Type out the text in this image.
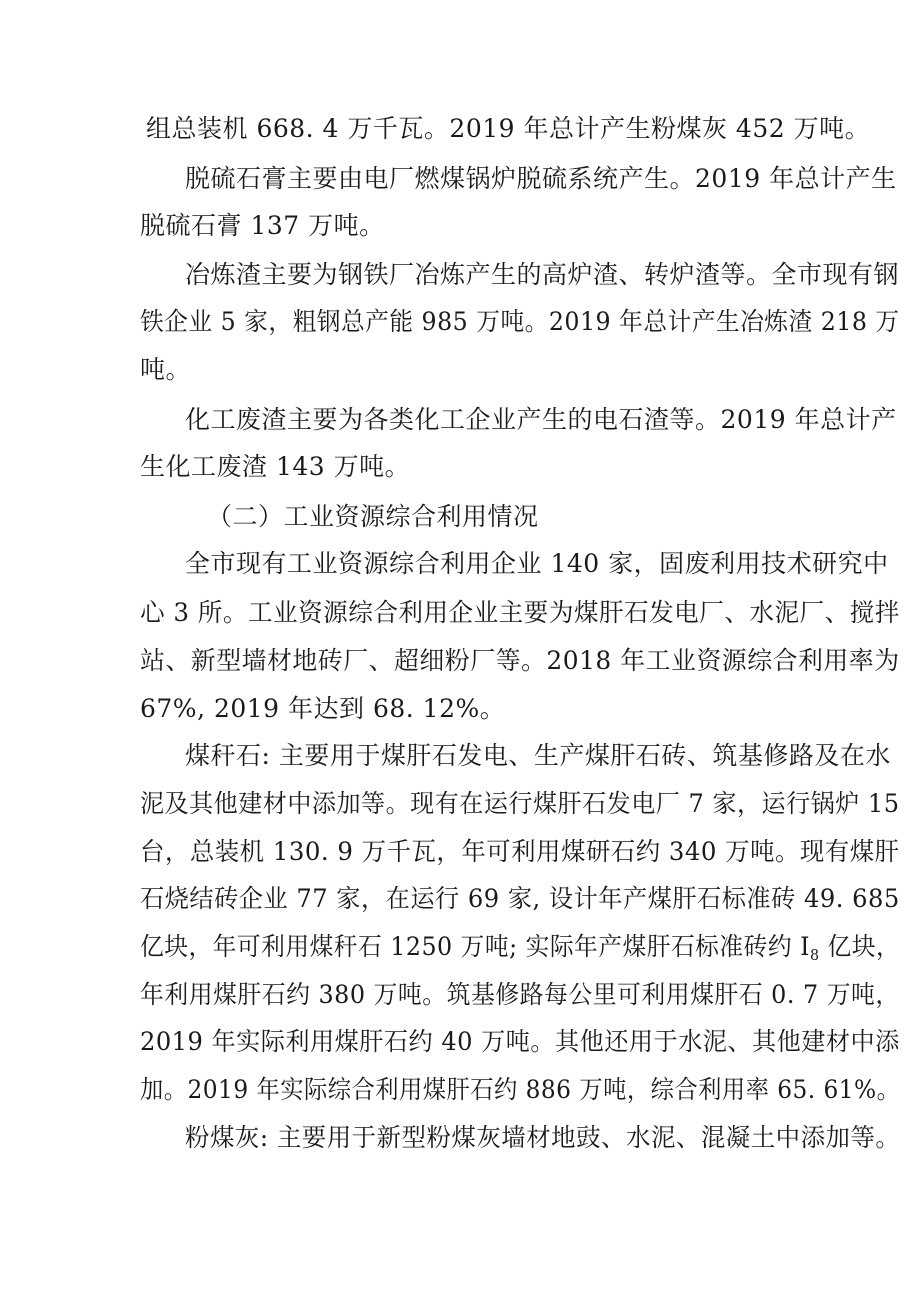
组总装机 668. 4 万千瓦。2019 年总计产生粉煤灰 452 万吨。
脱硫石膏主要由电厂燃煤锅炉脱硫系统产生。2019 年总计产生
脱硫石膏 137 万吨。
冶炼渣主要为钢铁厂冶炼产生的高炉渣、转炉渣等。全市现有钢
铁企业 5 家，粗钢总产能 985 万吨。2019 年总计产生冶炼渣 218 万
吨。
化工废渣主要为各类化工企业产生的电石渣等。2019 年总计产
生化工废渣 143 万吨。
（二）工业资源综合利用情况
全市现有工业资源综合利用企业 140 家，固废利用技术研究中
心 3 所。工业资源综合利用企业主要为煤肝石发电厂、水泥厂、搅拌
站、新型墙材地砖厂、超细粉厂等。2018 年工业资源综合利用率为
67%, 2019 年达到 68. 12%。
煤秆石: 主要用于煤肝石发电、生产煤肝石砖、筑基修路及在水
泥及其他建材中添加等。现有在运行煤肝石发电厂 7 家，运行锅炉 15
台，总装机 130. 9 万千瓦，年可利用煤研石约 340 万吨。现有煤肝
石烧结砖企业 77 家，在运行 69 家, 设计年产煤肝石标准砖 49. 685
亿块，年可利用煤秆石 1250 万吨; 实际年产煤肝石标准砖约 $I_8$ 亿块，
年利用煤肝石约 380 万吨。筑基修路每公里可利用煤肝石 0. 7 万吨，
2019 年实际利用煤肝石约 40 万吨。其他还用于水泥、其他建材中添
加。2019 年实际综合利用煤肝石约 886 万吨，综合利用率 65. 61%。
粉煤灰: 主要用于新型粉煤灰墙材地豉、水泥、混凝土中添加等。
